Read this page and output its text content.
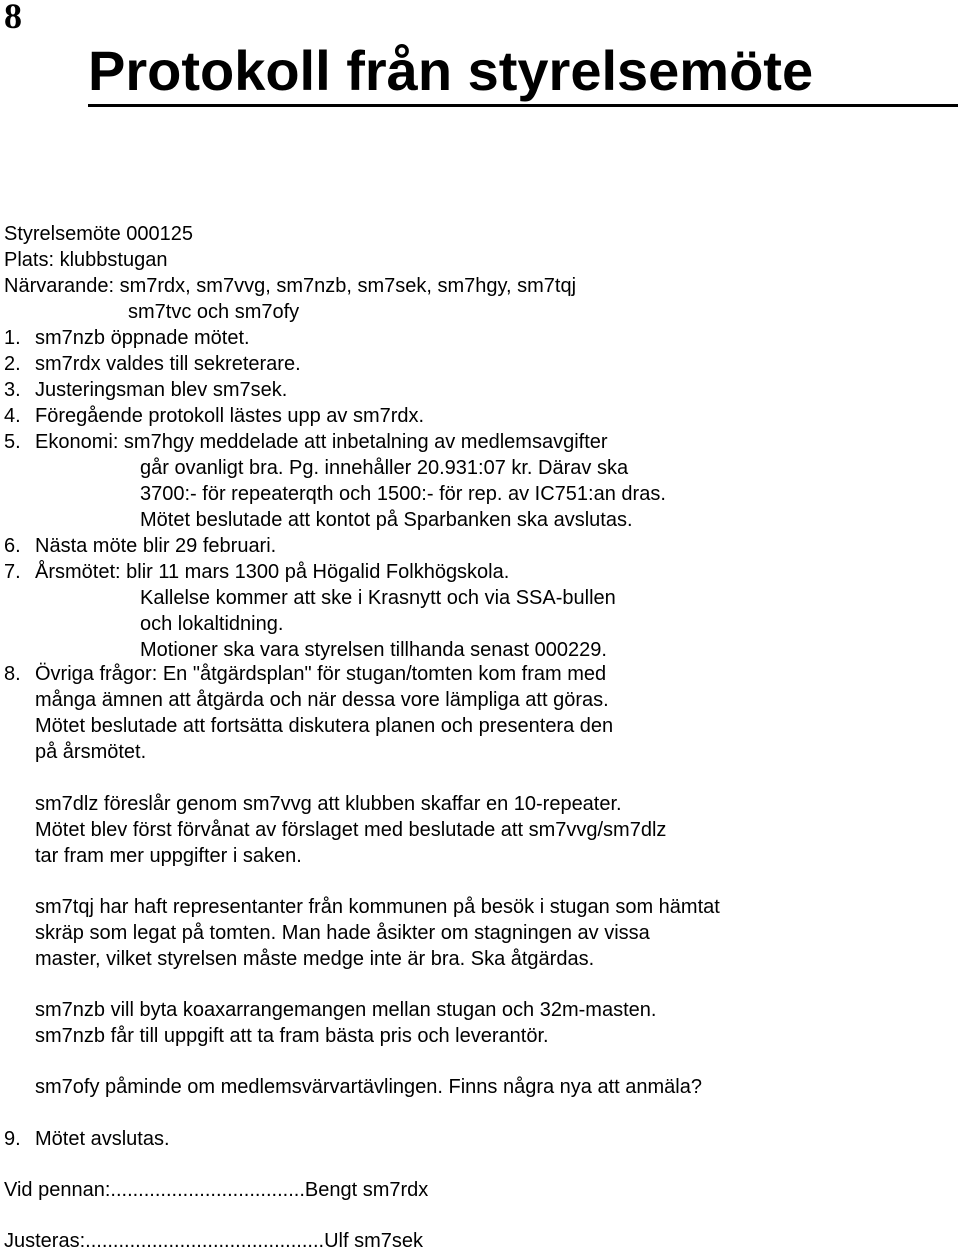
8
Protokoll från styrelsemöte
Styrelsemöte 000125
Plats: klubbstugan
Närvarande: sm7rdx, sm7vvg, sm7nzb, sm7sek, sm7hgy, sm7tqj
sm7tvc och sm7ofy
1. sm7nzb öppnade mötet.
2. sm7rdx valdes till sekreterare.
3. Justeringsman blev sm7sek.
4. Föregående protokoll lästes upp av sm7rdx.
5. Ekonomi: sm7hgy meddelade att inbetalning av medlemsavgifter
går ovanligt bra. Pg. innehåller 20.931:07 kr. Därav ska
3700:- för repeaterqth och 1500:- för rep. av IC751:an dras.
Mötet beslutade att kontot på Sparbanken ska avslutas.
6. Nästa möte blir 29 februari.
7. Årsmötet: blir 11 mars 1300 på Högalid Folkhögskola.
Kallelse kommer att ske i Krasnytt och via SSA-bullen
och lokaltidning.
Motioner ska vara styrelsen tillhanda senast 000229.
8. Övriga frågor: En "åtgärdsplan" för stugan/tomten kom fram med
många ämnen att åtgärda och när dessa vore lämpliga att göras.
Mötet beslutade att fortsätta diskutera planen och presentera den
på årsmötet.
sm7dlz föreslår genom sm7vvg att klubben skaffar en 10-repeater.
Mötet blev först förvånat av förslaget med beslutade att sm7vvg/sm7dlz
tar fram mer uppgifter i saken.
sm7tqj har haft representanter från kommunen på besök i stugan som hämtat
skräp som legat på tomten. Man hade åsikter om stagningen av vissa
master, vilket styrelsen måste medge inte är bra. Ska åtgärdas.
sm7nzb vill byta koaxarrangemangen mellan stugan och 32m-masten.
sm7nzb får till uppgift att ta fram bästa pris och leverantör.
sm7ofy påminde om medlemsvärvartävlingen. Finns några nya att anmäla?
9. Mötet avslutas.
Vid pennan:...................................Bengt sm7rdx
Justeras:...........................................Ulf sm7sek
